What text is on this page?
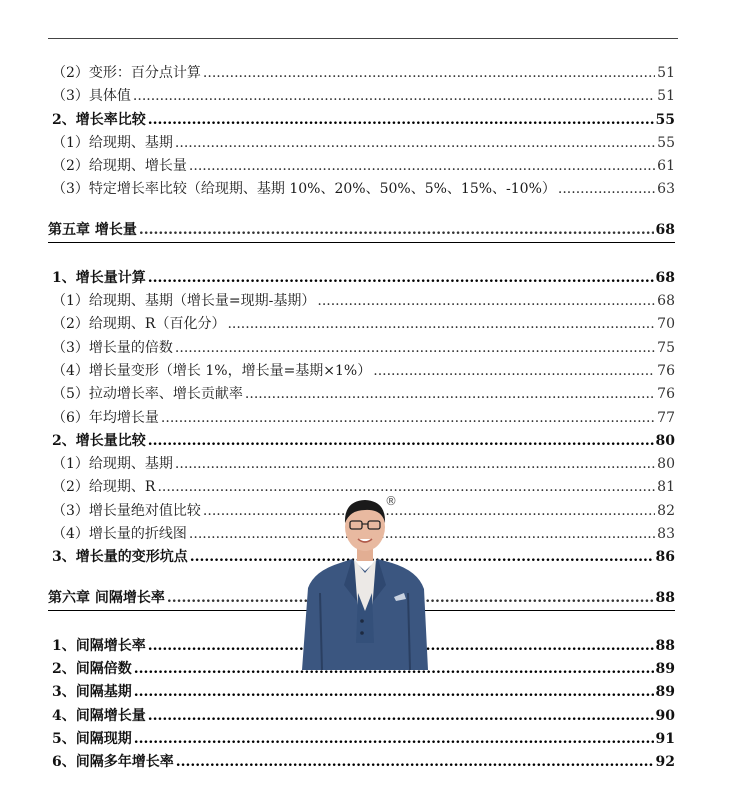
（2）变形：百分点计算 .....	51
（3）具体值 .....	51
2、增长率比较 .....	55
（1）给现期、基期 .....	55
（2）给现期、增长量 .....	61
（3）特定增长率比较（给现期、基期 10%、20%、50%、5%、15%、-10%） .....	63
第五章 增长量 .....	68
1、增长量计算 .....	68
（1）给现期、基期（增长量=现期-基期） .....	68
（2）给现期、R（百化分） .....	70
（3）增长量的倍数 .....	75
（4）增长量变形（增长 1%，增长量=基期×1%） .....	76
（5）拉动增长率、增长贡献率 .....	76
（6）年均增长量 .....	77
2、增长量比较 .....	80
（1）给现期、基期 .....	80
（2）给现期、R .....	81
（3）增长量绝对值比较 .....	82
（4）增长量的折线图 .....	83
3、增长量的变形坑点 .....	86
第六章 间隔增长率 .....	88
1、间隔增长率 .....	88
2、间隔倍数 .....	89
3、间隔基期 .....	89
4、间隔增长量 .....	90
5、间隔现期 .....	91
6、间隔多年增长率 .....	92
®
